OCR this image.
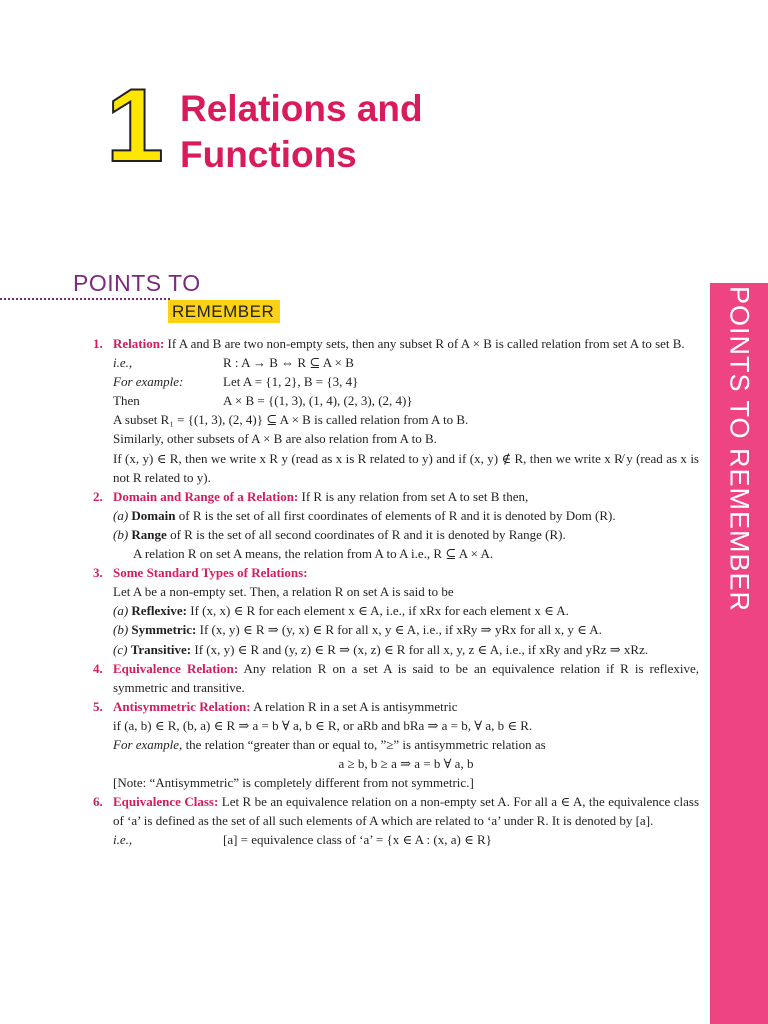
1 Relations and
Functions
POINTS TO
REMEMBER	POINTS TO REMEMBER
1. Relation: If A and B are two non-empty sets, then any subset R of A × B is called relation from set A to set B.

i.e.,	R : A → B ⇔ R ⊆ A × B
For example:	Let A = {1, 2}, B = {3, 4}
Then	A × B = {(1, 3), (1, 4), (2, 3), (2, 4)}

A subset R₁ = {(1, 3), (2, 4)} ⊆ A × B is called relation from A to B.

Similarly, other subsets of A × B are also relation from A to B.

If (x, y) ∈ R, then we write x R y (read as x is R related to y) and if (x, y) ∉ R, then we write x R̸ y (read as x is not R related to y).

2. Domain and Range of a Relation: If R is any relation from set A to set B then,

(a) Domain of R is the set of all first coordinates of elements of R and it is denoted by Dom (R).

(b) Range of R is the set of all second coordinates of R and it is denoted by Range (R).

A relation R on set A means, the relation from A to A i.e., R ⊆ A × A.

3. Some Standard Types of Relations:

Let A be a non-empty set. Then, a relation R on set A is said to be

(a) Reflexive: If (x, x) ∈ R for each element x ∈ A, i.e., if xRx for each element x ∈ A.

(b) Symmetric: If (x, y) ∈ R ⇒ (y, x) ∈ R for all x, y ∈ A, i.e., if xRy ⇒ yRx for all x, y ∈ A.

(c) Transitive: If (x, y) ∈ R and (y, z) ∈ R ⇒ (x, z) ∈ R for all x, y, z ∈ A, i.e., if xRy and yRz ⇒ xRz.

4. Equivalence Relation: Any relation R on a set A is said to be an equivalence relation if R is reflexive, symmetric and transitive.

5. Antisymmetric Relation: A relation R in a set A is antisymmetric

if (a, b) ∈ R, (b, a) ∈ R ⇒ a = b ∀ a, b ∈ R, or aRb and bRa ⇒ a = b, ∀ a, b ∈ R.

For example, the relation “greater than or equal to, ”≥” is antisymmetric relation as

a ≥ b, b ≥ a ⇒ a = b ∀ a, b

[Note: “Antisymmetric” is completely different from not symmetric.]

6. Equivalence Class: Let R be an equivalence relation on a non-empty set A. For all a ∈ A, the equivalence class of ‘a’ is defined as the set of all such elements of A which are related to ‘a’ under R. It is denoted by [a].

i.e.,	[a] = equivalence class of ‘a’ = {x ∈ A : (x, a) ∈ R}
